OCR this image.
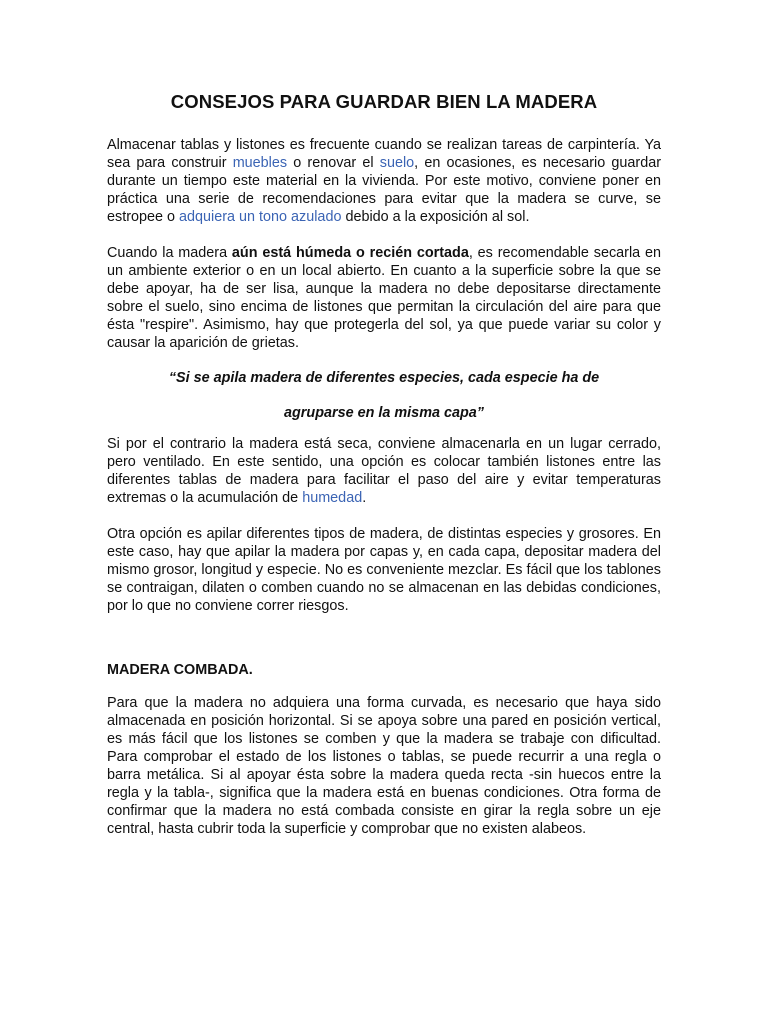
CONSEJOS PARA GUARDAR BIEN LA MADERA

Almacenar tablas y listones es frecuente cuando se realizan tareas de carpintería. Ya sea para construir muebles o renovar el suelo, en ocasiones, es necesario guardar durante un tiempo este material en la vivienda. Por este motivo, conviene poner en práctica una serie de recomendaciones para evitar que la madera se curve, se estropee o adquiera un tono azulado debido a la exposición al sol.

Cuando la madera aún está húmeda o recién cortada, es recomendable secarla en un ambiente exterior o en un local abierto. En cuanto a la superficie sobre la que se debe apoyar, ha de ser lisa, aunque la madera no debe depositarse directamente sobre el suelo, sino encima de listones que permitan la circulación del aire para que ésta "respire". Asimismo, hay que protegerla del sol, ya que puede variar su color y causar la aparición de grietas.

“Si se apila madera de diferentes especies, cada especie ha de
agruparse en la misma capa”

Si por el contrario la madera está seca, conviene almacenarla en un lugar cerrado, pero ventilado. En este sentido, una opción es colocar también listones entre las diferentes tablas de madera para facilitar el paso del aire y evitar temperaturas extremas o la acumulación de humedad.

Otra opción es apilar diferentes tipos de madera, de distintas especies y grosores. En este caso, hay que apilar la madera por capas y, en cada capa, depositar madera del mismo grosor, longitud y especie. No es conveniente mezclar. Es fácil que los tablones se contraigan, dilaten o comben cuando no se almacenan en las debidas condiciones, por lo que no conviene correr riesgos.

MADERA COMBADA.

Para que la madera no adquiera una forma curvada, es necesario que haya sido almacenada en posición horizontal. Si se apoya sobre una pared en posición vertical, es más fácil que los listones se comben y que la madera se trabaje con dificultad. Para comprobar el estado de los listones o tablas, se puede recurrir a una regla o barra metálica. Si al apoyar ésta sobre la madera queda recta -sin huecos entre la regla y la tabla-, significa que la madera está en buenas condiciones. Otra forma de confirmar que la madera no está combada consiste en girar la regla sobre un eje central, hasta cubrir toda la superficie y comprobar que no existen alabeos.
